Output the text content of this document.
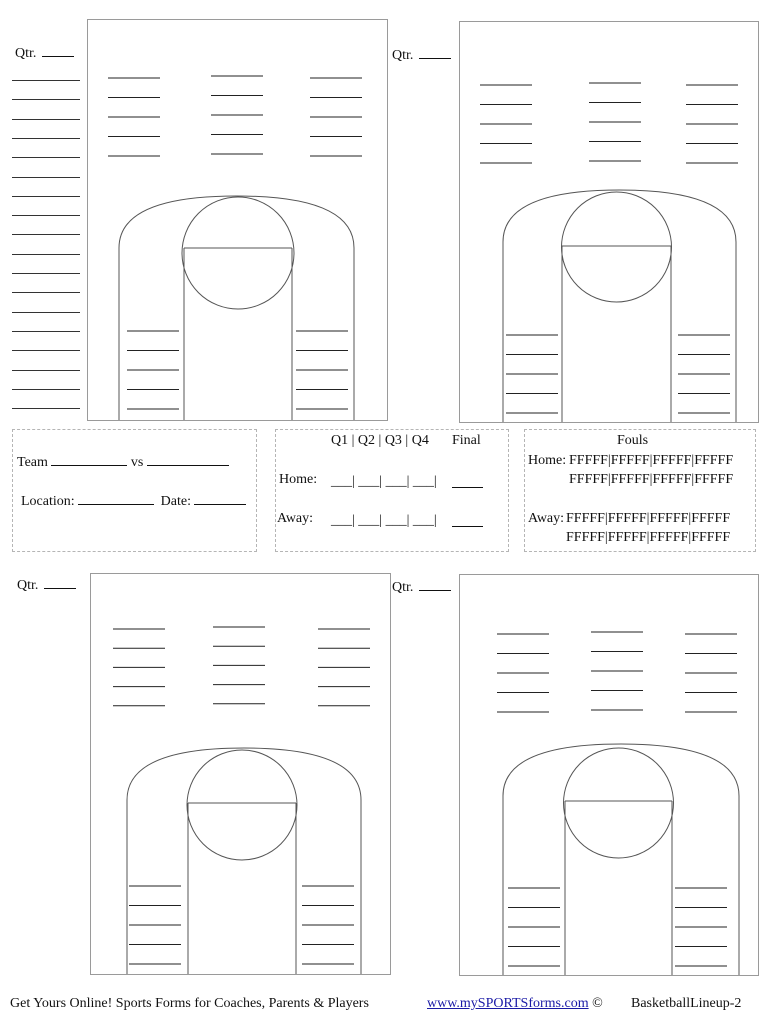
Qtr.	Qtr.
Team	vs
Location:	Date:
Q1 | Q2 | Q3 | Q4 Final
Home: ___| ___| ___| ___|
Away: ___| ___| ___| ___|
Fouls
Home: FFFFF|FFFFF|FFFFF|FFFFF
FFFFF|FFFFF|FFFFF|FFFFF
Away: FFFFF|FFFFF|FFFFF|FFFFF
FFFFF|FFFFF|FFFFF|FFFFF
Qtr.	Qtr.
Get Yours Online! Sports Forms for Coaches, Parents & Players	www.mySPORTSforms.com © BasketballLineup-2
